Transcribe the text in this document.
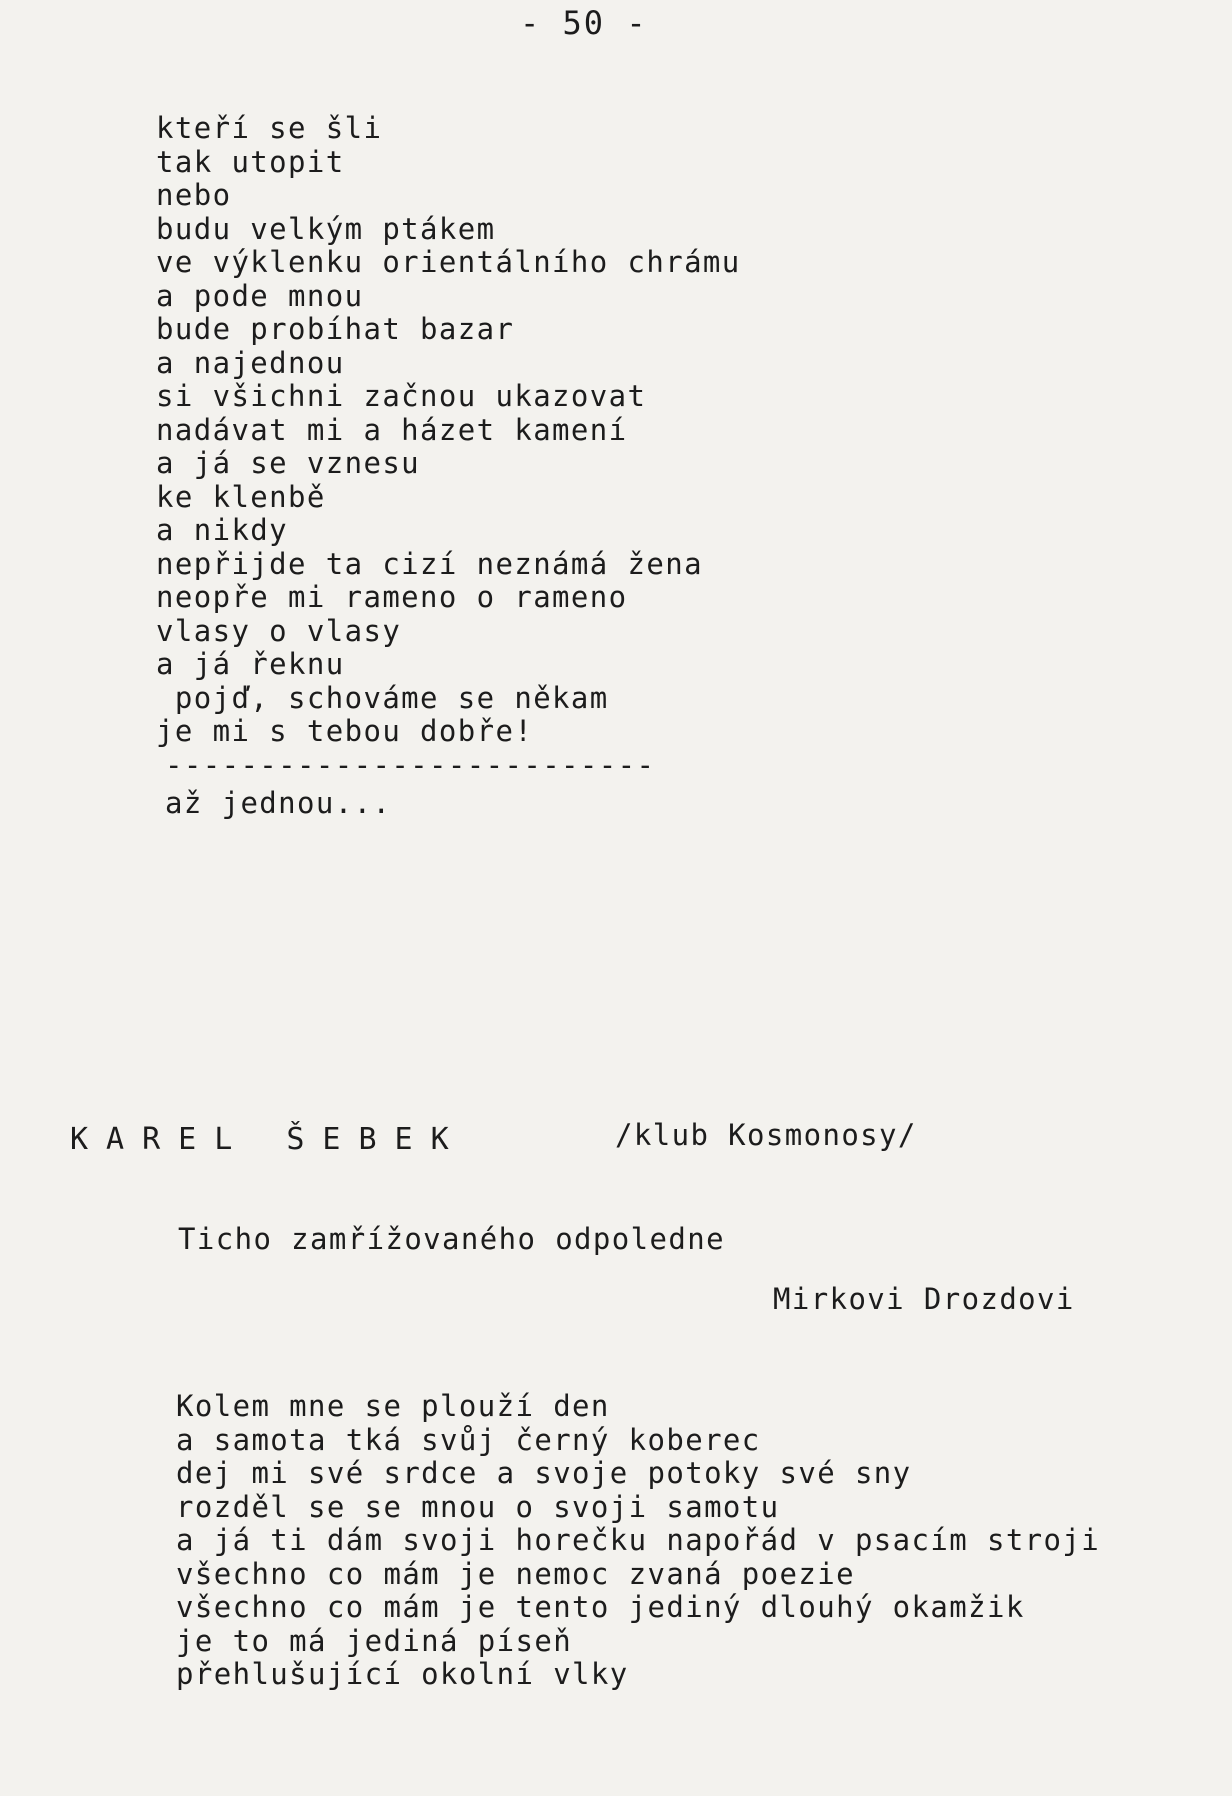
- 50 -
kteří se šli
tak utopit
nebo
budu velkým ptákem
ve výklenku orientálního chrámu
a pode mnou
bude probíhat bazar
a najednou
si všichni začnou ukazovat
nadávat mi a házet kamení
a já se vznesu
ke klenbě
a nikdy
nepřijde ta cizí neznámá žena
neopře mi rameno o rameno
vlasy o vlasy
a já řeknu
pojď, schováme se někam
je mi s tebou dobře!
--------------------------
až jednou...
KAREL ŠEBEK	/klub Kosmonosy/
Ticho zamřížovaného odpoledne
Mirkovi Drozdovi
Kolem mne se plouží den
a samota tká svůj černý koberec
dej mi své srdce a svoje potoky své sny
rozděl se se mnou o svoji samotu
a já ti dám svoji horečku napořád v psacím stroji
všechno co mám je nemoc zvaná poezie
všechno co mám je tento jediný dlouhý okamžik
je to má jediná píseň
přehlušující okolní vlky
